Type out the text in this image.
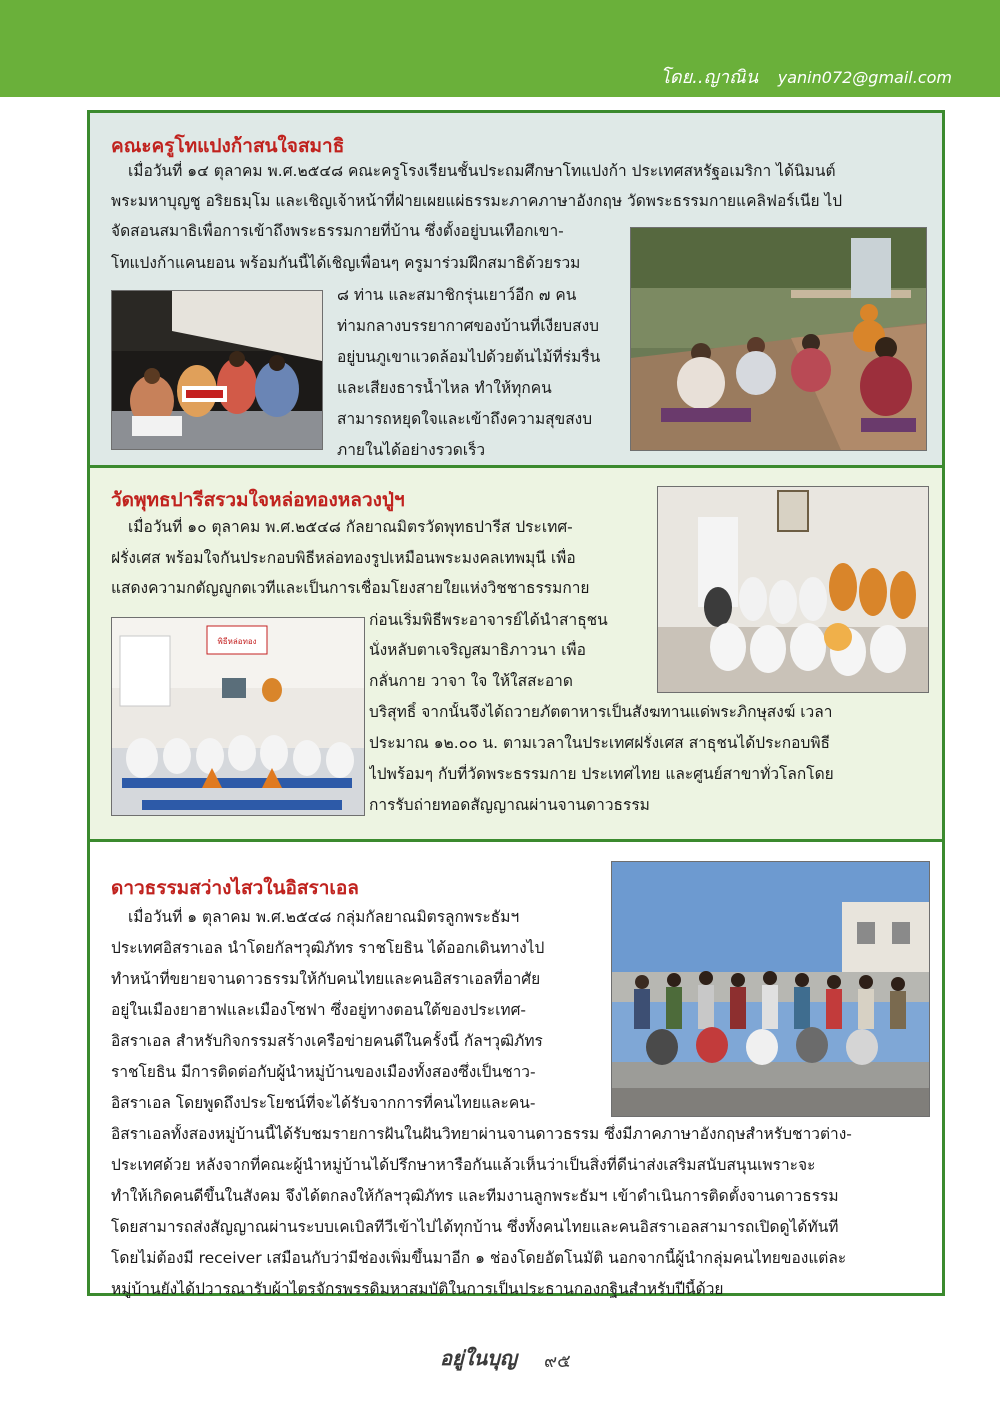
โดย..ญาณิน yanin072@gmail.com
คณะครูโทแปงก้าสนใจสมาธิ
เมื่อวันที่ ๑๔ ตุลาคม พ.ศ.๒๕๔๘ คณะครูโรงเรียนชั้นประถมศึกษาโทแปงก้า ประเทศสหรัฐอเมริกา ได้นิมนต์
พระมหาบุญชู อริยธมฺโม และเชิญเจ้าหน้าที่ฝ่ายเผยแผ่ธรรมะภาคภาษาอังกฤษ วัดพระธรรมกายแคลิฟอร์เนีย ไป
จัดสอนสมาธิเพื่อการเข้าถึงพระธรรมกายที่บ้าน ซึ่งตั้งอยู่บนเทือกเขา-
โทแปงก้าแคนยอน พร้อมกันนี้ได้เชิญเพื่อนๆ ครูมาร่วมฝึกสมาธิด้วยรวม
๘ ท่าน และสมาชิกรุ่นเยาว์อีก ๗ คน
ท่ามกลางบรรยากาศของบ้านที่เงียบสงบ
อยู่บนภูเขาแวดล้อมไปด้วยต้นไม้ที่ร่มรื่น
และเสียงธารน้ำไหล ทำให้ทุกคน
สามารถหยุดใจและเข้าถึงความสุขสงบ
ภายในได้อย่างรวดเร็ว
วัดพุทธปารีสรวมใจหล่อทองหลวงปู่ฯ
เมื่อวันที่ ๑๐ ตุลาคม พ.ศ.๒๕๔๘ กัลยาณมิตรวัดพุทธปารีส ประเทศ-
ฝรั่งเศส พร้อมใจกันประกอบพิธีหล่อทองรูปเหมือนพระมงคลเทพมุนี เพื่อ
แสดงความกตัญญูกตเวทีและเป็นการเชื่อมโยงสายใยแห่งวิชชาธรรมกาย
ก่อนเริ่มพิธีพระอาจารย์ได้นำสาธุชน
นั่งหลับตาเจริญสมาธิภาวนา เพื่อ
กลั่นกาย วาจา ใจ ให้ใสสะอาด
บริสุทธิ์ จากนั้นจึงได้ถวายภัตตาหารเป็นสังฆทานแด่พระภิกษุสงฆ์ เวลา
ประมาณ ๑๒.๐๐ น. ตามเวลาในประเทศฝรั่งเศส สาธุชนได้ประกอบพิธี
ไปพร้อมๆ กับที่วัดพระธรรมกาย ประเทศไทย และศูนย์สาขาทั่วโลกโดย
การรับถ่ายทอดสัญญาณผ่านจานดาวธรรม
พิธีหล่อทอง
ดาวธรรมสว่างไสวในอิสราเอล
เมื่อวันที่ ๑ ตุลาคม พ.ศ.๒๕๔๘ กลุ่มกัลยาณมิตรลูกพระธัมฯ
ประเทศอิสราเอล นำโดยกัลฯวุฒิภัทร ราชโยธิน ได้ออกเดินทางไป
ทำหน้าที่ขยายจานดาวธรรมให้กับคนไทยและคนอิสราเอลที่อาศัย
อยู่ในเมืองยาฮาฟและเมืองโซฟา ซึ่งอยู่ทางตอนใต้ของประเทศ-
อิสราเอล สำหรับกิจกรรมสร้างเครือข่ายคนดีในครั้งนี้ กัลฯวุฒิภัทร
ราชโยธิน มีการติดต่อกับผู้นำหมู่บ้านของเมืองทั้งสองซึ่งเป็นชาว-
อิสราเอล โดยพูดถึงประโยชน์ที่จะได้รับจากการที่คนไทยและคน-
อิสราเอลทั้งสองหมู่บ้านนี้ได้รับชมรายการฝันในฝันวิทยาผ่านจานดาวธรรม ซึ่งมีภาคภาษาอังกฤษสำหรับชาวต่าง-
ประเทศด้วย หลังจากที่คณะผู้นำหมู่บ้านได้ปรึกษาหารือกันแล้วเห็นว่าเป็นสิ่งที่ดีน่าส่งเสริมสนับสนุนเพราะจะ
ทำให้เกิดคนดีขึ้นในสังคม จึงได้ตกลงให้กัลฯวุฒิภัทร และทีมงานลูกพระธัมฯ เข้าดำเนินการติดตั้งจานดาวธรรม
โดยสามารถส่งสัญญาณผ่านระบบเคเบิลทีวีเข้าไปได้ทุกบ้าน ซึ่งทั้งคนไทยและคนอิสราเอลสามารถเปิดดูได้ทันที
โดยไม่ต้องมี receiver เสมือนกับว่ามีช่องเพิ่มขึ้นมาอีก ๑ ช่องโดยอัตโนมัติ นอกจากนี้ผู้นำกลุ่มคนไทยของแต่ละ
หมู่บ้านยังได้ปวารณารับผ้าไตรจักรพรรดิมหาสมบัติในการเป็นประธานกองกฐินสำหรับปีนี้ด้วย
อยู่ในบุญ ๙๕
